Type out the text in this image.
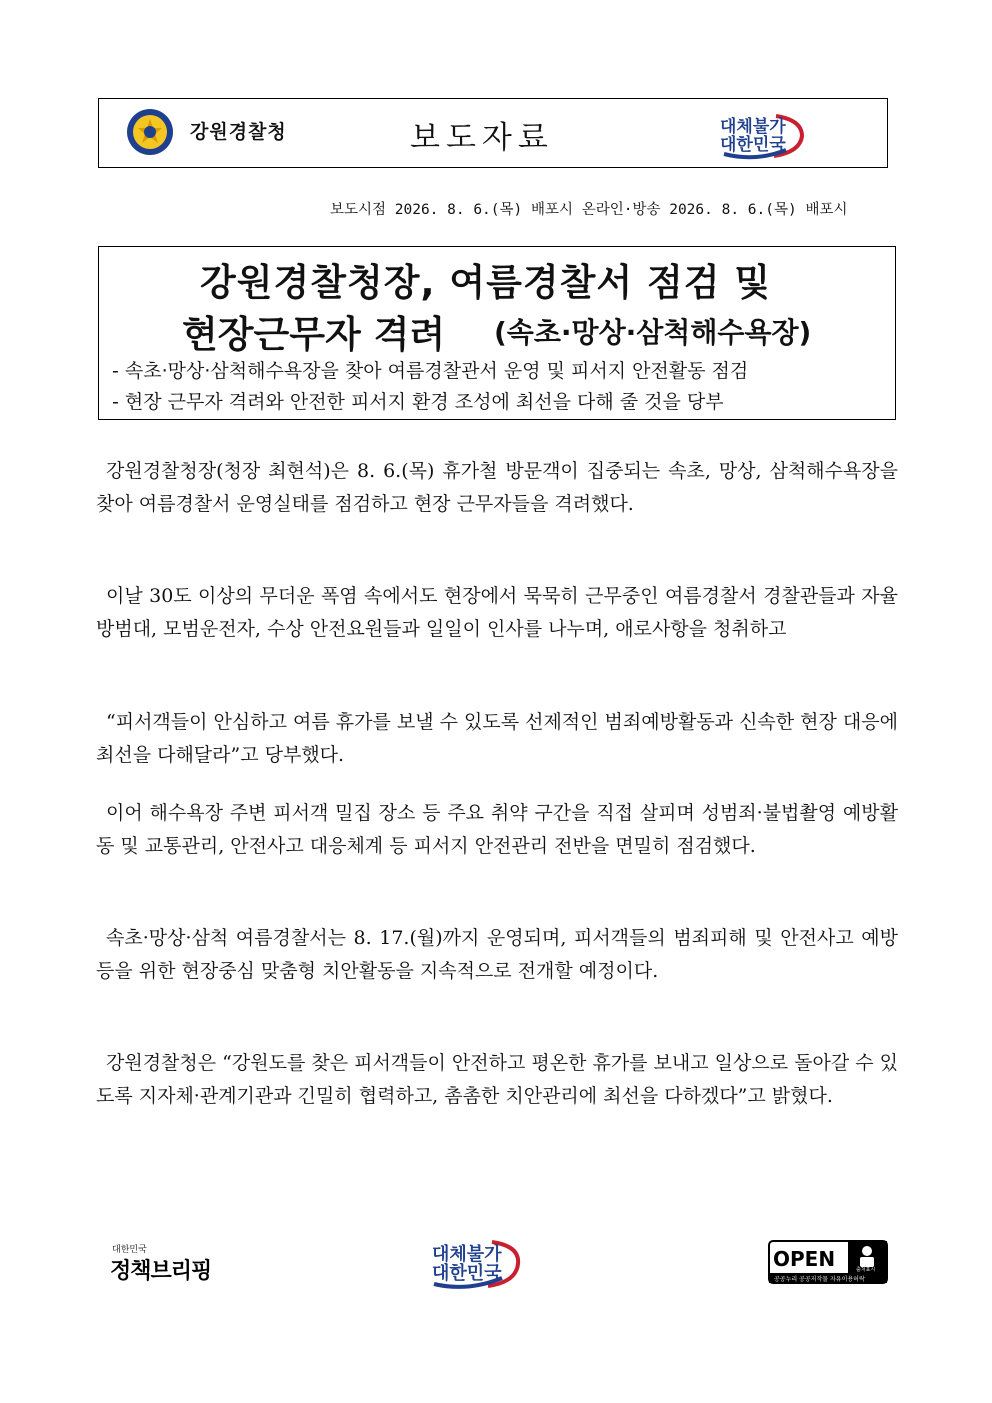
강원경찰청	보도자료	대체불가
대한민국
보도시점 2026. 8. 6.(목) 배포시 온라인·방송 2026. 8. 6.(목) 배포시
강원경찰청장, 여름경찰서 점검 및
현장근무자 격려 (속초·망상·삼척해수욕장)
- 속초·망상·삼척해수욕장을 찾아 여름경찰관서 운영 및 피서지 안전활동 점검
- 현장 근무자 격려와 안전한 피서지 환경 조성에 최선을 다해 줄 것을 당부
강원경찰청장(청장 최현석)은 8. 6.(목) 휴가철 방문객이 집중되는 속초, 망상, 삼척해수욕장을 찾아 여름경찰서 운영실태를 점검하고 현장 근무자들을 격려했다.
이날 30도 이상의 무더운 폭염 속에서도 현장에서 묵묵히 근무중인 여름경찰서 경찰관들과 자율방범대, 모범운전자, 수상 안전요원들과 일일이 인사를 나누며, 애로사항을 청취하고
“피서객들이 안심하고 여름 휴가를 보낼 수 있도록 선제적인 범죄예방활동과 신속한 현장 대응에 최선을 다해달라”고 당부했다.
이어 해수욕장 주변 피서객 밀집 장소 등 주요 취약 구간을 직접 살피며 성범죄·불법촬영 예방활동 및 교통관리, 안전사고 대응체계 등 피서지 안전관리 전반을 면밀히 점검했다.
속초·망상·삼척 여름경찰서는 8. 17.(월)까지 운영되며, 피서객들의 범죄피해 및 안전사고 예방 등을 위한 현장중심 맞춤형 치안활동을 지속적으로 전개할 예정이다.
강원경찰청은 “강원도를 찾은 피서객들이 안전하고 평온한 휴가를 보내고 일상으로 돌아갈 수 있도록 지자체·관계기관과 긴밀히 협력하고, 촘촘한 치안관리에 최선을 다하겠다”고 밝혔다.
대한민국
정책브리핑
대체불가
대한민국
OPEN	출처표시
공공누리 공공저작물 자유이용허락
